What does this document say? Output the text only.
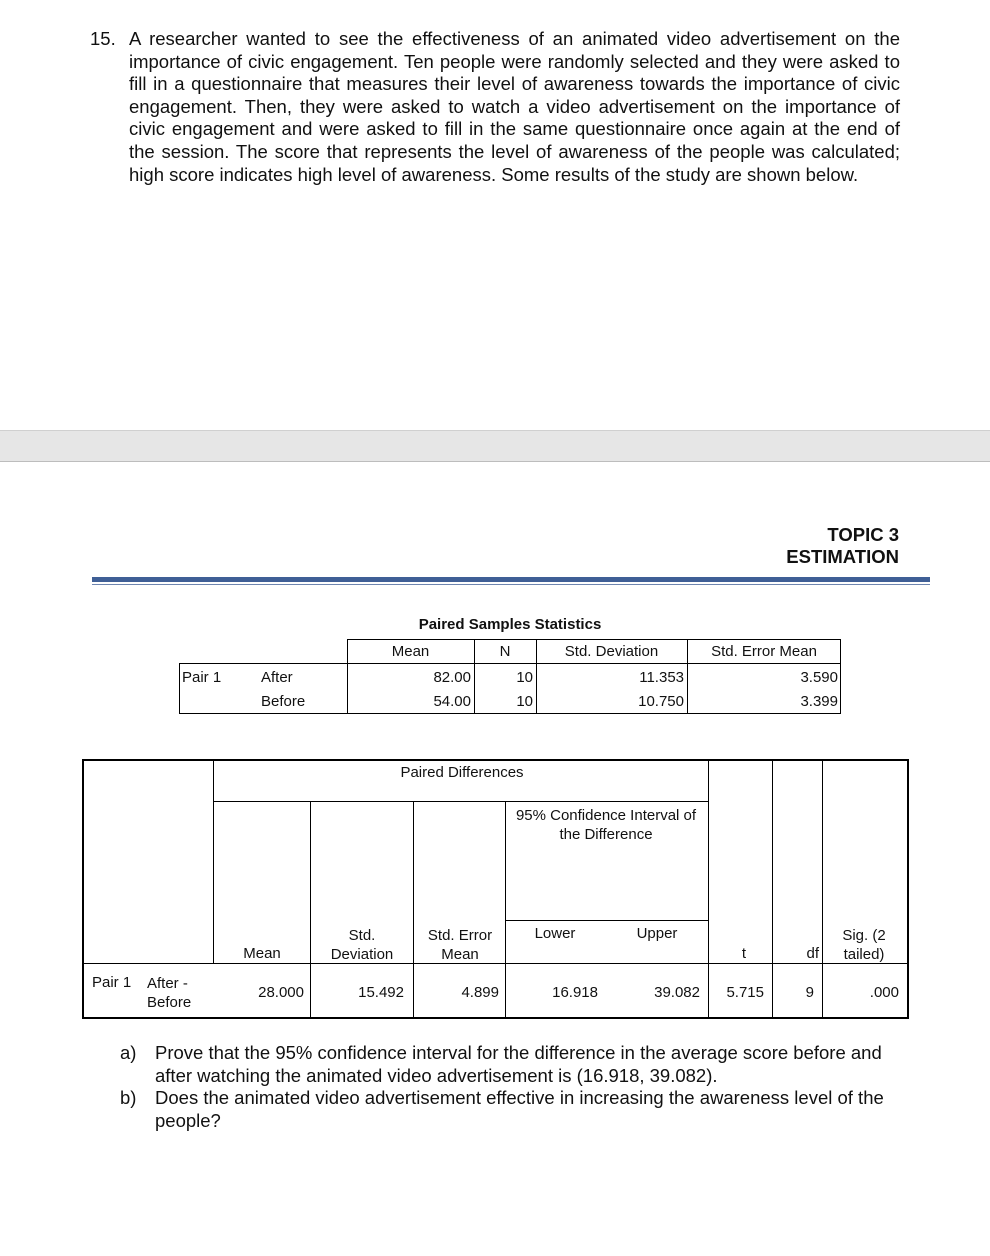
15. A researcher wanted to see the effectiveness of an animated video advertisement on the importance of civic engagement. Ten people were randomly selected and they were asked to fill in a questionnaire that measures their level of awareness towards the importance of civic engagement. Then, they were asked to watch a video advertisement on the importance of civic engagement and were asked to fill in the same questionnaire once again at the end of the session. The score that represents the level of awareness of the people was calculated; high score indicates high level of awareness. Some results of the study are shown below.
TOPIC 3
ESTIMATION
Paired Samples Statistics
Mean	N	Std. Deviation	Std. Error Mean
Pair 1	After	82.00	10	11.353	3.590
Before	54.00	10	10.750	3.399
Paired Differences
95% Confidence Interval of the Difference
Mean
Std. Deviation
Std. Error Mean
Lower	Upper
t	df
Sig. (2 tailed)
Pair 1 After - Before
28.000	15.492	4.899	16.918	39.082 5.715	9	.000
a) Prove that the 95% confidence interval for the difference in the average score before and after watching the animated video advertisement is (16.918, 39.082).
b) Does the animated video advertisement effective in increasing the awareness level of the people?
